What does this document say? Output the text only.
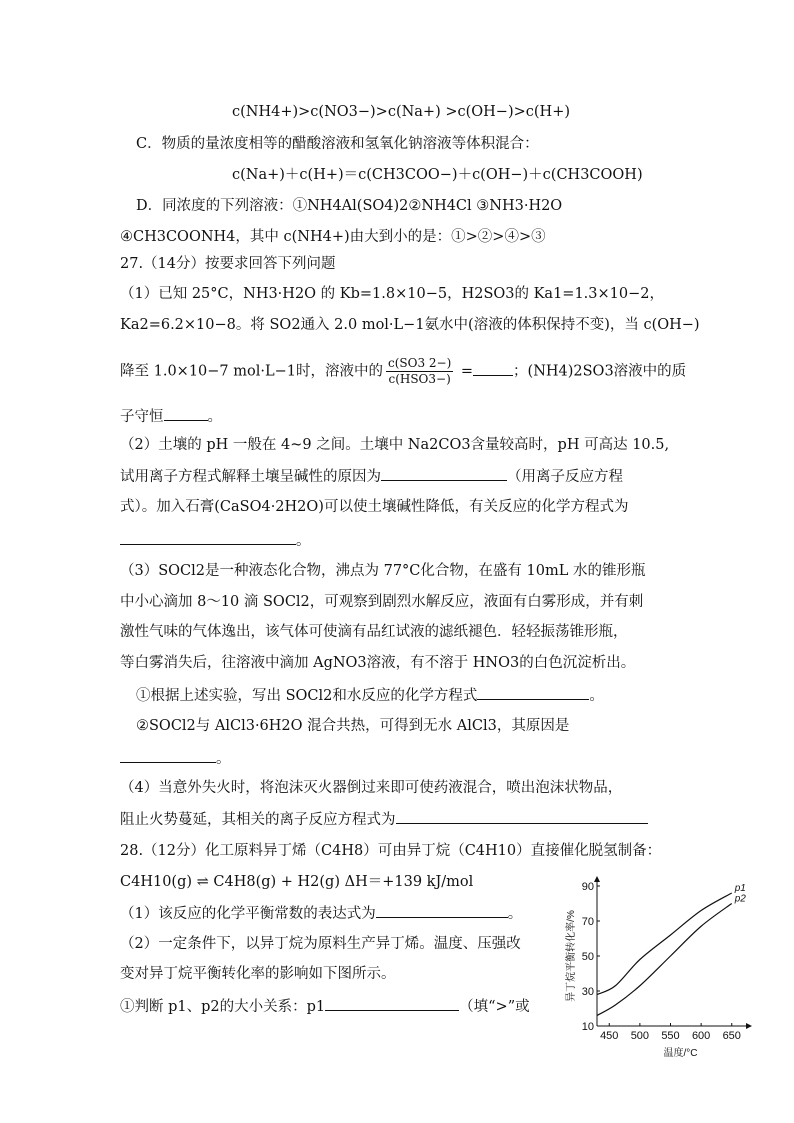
c(NH4+)>c(NO3−)>c(Na+) >c(OH−)>c(H+)
C．物质的量浓度相等的醋酸溶液和氢氧化钠溶液等体积混合：
c(Na+)＋c(H+)＝c(CH3COO−)＋c(OH−)＋c(CH3COOH)
D．同浓度的下列溶液：①NH4Al(SO4)2②NH4Cl ③NH3·H2O
④CH3COONH4，其中 c(NH4+)由大到小的是：①>②>④>③
27.（14分）按要求回答下列问题
（1）已知 25°C，NH3·H2O 的 Kb=1.8×10−5，H2SO3的 Ka1=1.3×10−2，
Ka2=6.2×10−8。将 SO2通入 2.0 mol·L−1氨水中(溶液的体积保持不变)，当 c(OH−)
降至 1.0×10−7 mol·L−1时，溶液中的 $\frac{c(SO3 2-)}{\text{c(HSO3−)}}$ =	；(NH4)2SO3溶液中的质
子守恒	。
（2）土壤的 pH 一般在 4~9 之间。土壤中 Na2CO3含量较高时，pH 可高达 10.5,
试用离子方程式解释土壤呈碱性的原因为	（用离子反应方程
式）。加入石膏(CaSO4·2H2O)可以使土壤碱性降低，有关反应的化学方程式为
。
（3）SOCl2是一种液态化合物，沸点为 77°C化合物，在盛有 10mL 水的锥形瓶
中小心滴加 8～10 滴 SOCl2，可观察到剧烈水解反应，液面有白雾形成，并有刺
激性气味的气体逸出，该气体可使滴有品红试液的滤纸褪色．轻轻振荡锥形瓶，
等白雾消失后，往溶液中滴加 AgNO3溶液，有不溶于 HNO3的白色沉淀析出。
①根据上述实验，写出 SOCl2和水反应的化学方程式	。
②SOCl2与 AlCl3·6H2O 混合共热，可得到无水 AlCl3，其原因是
。
（4）当意外失火时，将泡沫灭火器倒过来即可使药液混合，喷出泡沫状物品，
阻止火势蔓延，其相关的离子反应方程式为
28.（12分）化工原料异丁烯（C4H8）可由异丁烷（C4H10）直接催化脱氢制备：
C4H10(g) ⇌ C4H8(g) + H2(g) ΔH＝+139 kJ/mol
（1）该反应的化学平衡常数的表达式为	。
（2）一定条件下，以异丁烷为原料生产异丁烯。温度、压强改
变对异丁烷平衡转化率的影响如下图所示。
①判断 p1、p2的大小关系：p1	（填“>”或
450 500 550 600 650
10
30
50
70
90
温度/°C
异丁烷平衡转化率/%
p1
p2
